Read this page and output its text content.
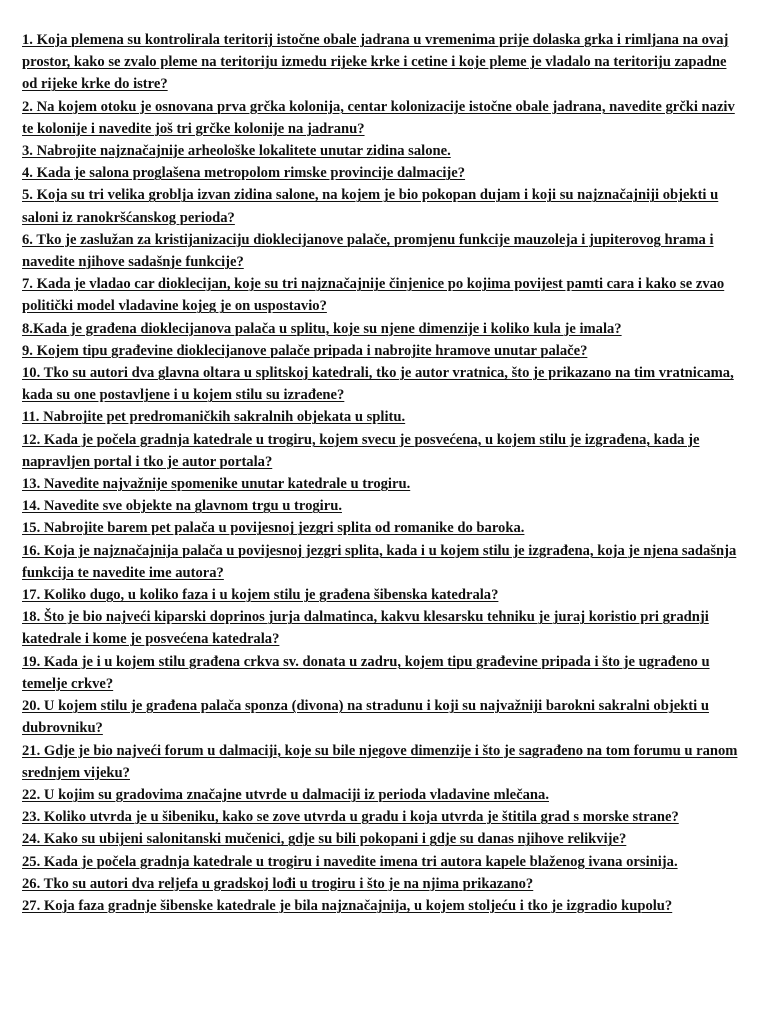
1. Koja plemena su kontrolirala teritorij istočne obale jadrana u vremenima prije dolaska grka i rimljana na ovaj prostor, kako se zvalo pleme na teritoriju izmedu rijeke krke i cetine i koje pleme je vladalo na teritoriju zapadne od rijeke krke do istre?

2. Na kojem otoku je osnovana prva grčka kolonija, centar kolonizacije istočne obale jadrana, navedite grčki naziv te kolonije i navedite još tri grčke kolonije na jadranu?

3. Nabrojite najznačajnije arheološke lokalitete unutar zidina salone.

4. Kada je salona proglašena metropolom rimske provincije dalmacije?

5. Koja su tri velika groblja izvan zidina salone, na kojem je bio pokopan dujam i koji su najznačajniji objekti u saloni iz ranokršćanskog perioda?

6. Tko je zaslužan za kristijanizaciju dioklecijanove palače, promjenu funkcije mauzoleja i jupiterovog hrama i navedite njihove sadašnje funkcije?

7. Kada je vladao car dioklecijan, koje su tri najznačajnije činjenice po kojima povijest pamti cara i kako se zvao politički model vladavine kojeg je on uspostavio?

8.Kada je građena dioklecijanova palača u splitu, koje su njene dimenzije i koliko kula je imala?

9. Kojem tipu građevine dioklecijanove palače pripada i nabrojite hramove unutar palače?

10. Tko su autori dva glavna oltara u splitskoj katedrali, tko je autor vratnica, što je prikazano na tim vratnicama, kada su one postavljene i u kojem stilu su izrađene?

11. Nabrojite pet predromaničkih sakralnih objekata u splitu.

12. Kada je počela gradnja katedrale u trogiru, kojem svecu je posvećena, u kojem stilu je izgrađena, kada je napravljen portal i tko je autor portala?

13. Navedite najvažnije spomenike unutar katedrale u trogiru.

14. Navedite sve objekte na glavnom trgu u trogiru.

15. Nabrojite barem pet palača u povijesnoj jezgri splita od romanike do baroka.

16. Koja je najznačajnija palača u povijesnoj jezgri splita, kada i u kojem stilu je izgrađena, koja je njena sadašnja funkcija te navedite ime autora?

17. Koliko dugo, u koliko faza i u kojem stilu je građena šibenska katedrala?

18. Što je bio najveći kiparski doprinos jurja dalmatinca, kakvu klesarsku tehniku je juraj koristio pri gradnji katedrale i kome je posvećena katedrala?

19. Kada je i u kojem stilu građena crkva sv. donata u zadru, kojem tipu građevine pripada i što je ugrađeno u temelje crkve?

20. U kojem stilu je građena palača sponza (divona) na stradunu i koji su najvažniji barokni sakralni objekti u dubrovniku?

21. Gdje je bio najveći forum u dalmaciji, koje su bile njegove dimenzije i što je sagrađeno na tom forumu u ranom srednjem vijeku?

22. U kojim su gradovima značajne utvrde u dalmaciji iz perioda vladavine mlečana.

23. Koliko utvrda je u šibeniku, kako se zove utvrda u gradu i koja utvrda je štitila grad s morske strane?

24. Kako su ubijeni salonitanski mučenici, gdje su bili pokopani i gdje su danas njihove relikvije?

25. Kada je počela gradnja katedrale u trogiru i navedite imena tri autora kapele blaženog ivana orsinija.

26. Tko su autori dva reljefa u gradskoj lođi u trogiru i što je na njima prikazano?

27. Koja faza gradnje šibenske katedrale je bila najznačajnija, u kojem stoljeću i tko je izgradio kupolu?
